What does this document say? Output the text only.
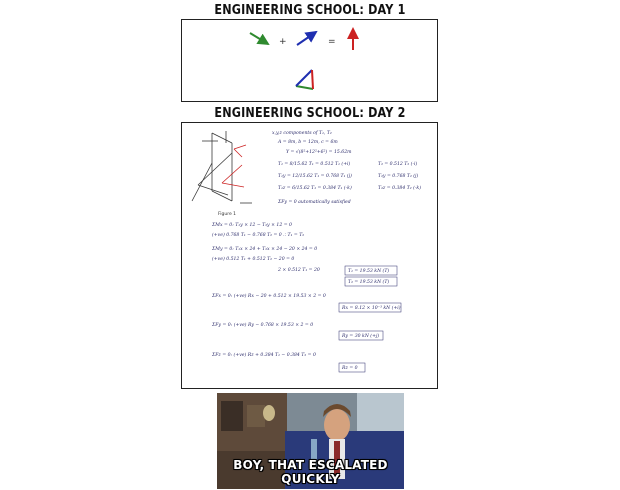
ENGINEERING SCHOOL: DAY 1
+	=
ENGINEERING SCHOOL: DAY 2
Figure 1
x,y,z components of T₁, T₂
A = 8m, b = 12m, c = 6m
Y = √(8²+12²+6²) = 15.62m
T₁ = 8/15.62 T₁ = 0.512 T₁ (+i)
T₁y = 12/15.62 T₁ = 0.768 T₁ (j)
T₁z = 6/15.62 T₁ = 0.384 T₁ (-k)
T₂ = 0.512 T₂ (-i)
T₂y = 0.768 T₂ (j)
T₂z = 0.384 T₂ (-k)
ΣFy = 0 automatically satisfied
ΣMx = 0: T₁y × 12 − T₂y × 12 = 0
(+ve) 0.768 T₁ − 0.768 T₂ = 0 ∴ T₁ = T₂
ΣMy = 0: T₁x × 24 + T₂x × 24 − 20 × 24 = 0
(+ve) 0.512 T₁ + 0.512 T₂ − 20 = 0
2 × 0.512 T₁ = 20	T₁ = 19.53 kN (T)
T₂ = 19.53 kN (T)
ΣFx = 0: (+ve) Rx − 20 + 0.512 × 19.53 × 2 = 0
Rx = 8.12 × 10⁻³ kN (+i)
ΣFy = 0: (+ve) Ry − 0.768 × 19.53 × 2 = 0
Ry = 30 kN (+j)
ΣFz = 0: (+ve) Rz + 0.384 T₁ − 0.384 T₂ = 0
Rz = 0
BOY, THAT ESCALATED QUICKLY
